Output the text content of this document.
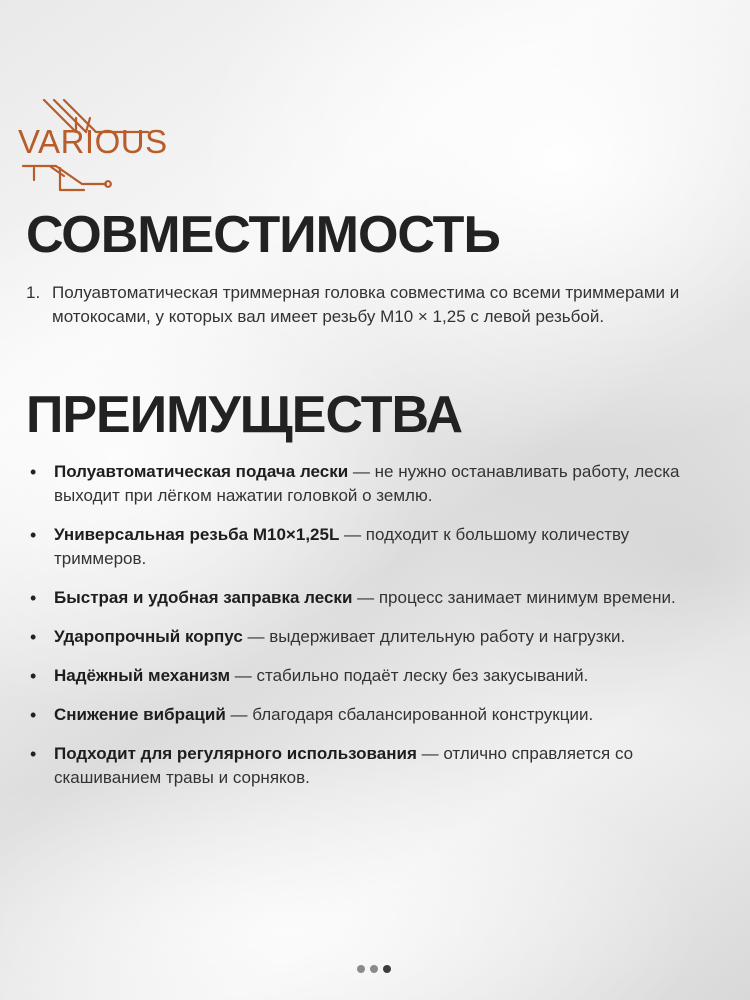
VARIOUS
СОВМЕСТИМОСТЬ
1. Полуавтоматическая триммерная головка совместима со всеми триммерами и мотокосами, у которых вал имеет резьбу M10 × 1,25 с левой резьбой.
ПРЕИМУЩЕСТВА
•	Полуавтоматическая подача лески — не нужно останавливать работу, леска выходит при лёгком нажатии головкой о землю.
•	Универсальная резьба M10×1,25L — подходит к большому количеству триммеров.
•	Быстрая и удобная заправка лески — процесс занимает минимум времени.
•	Ударопрочный корпус — выдерживает длительную работу и нагрузки.
•	Надёжный механизм — стабильно подаёт леску без закусываний.
•	Снижение вибраций — благодаря сбалансированной конструкции.
•	Подходит для регулярного использования — отлично справляется со скашиванием травы и сорняков.
